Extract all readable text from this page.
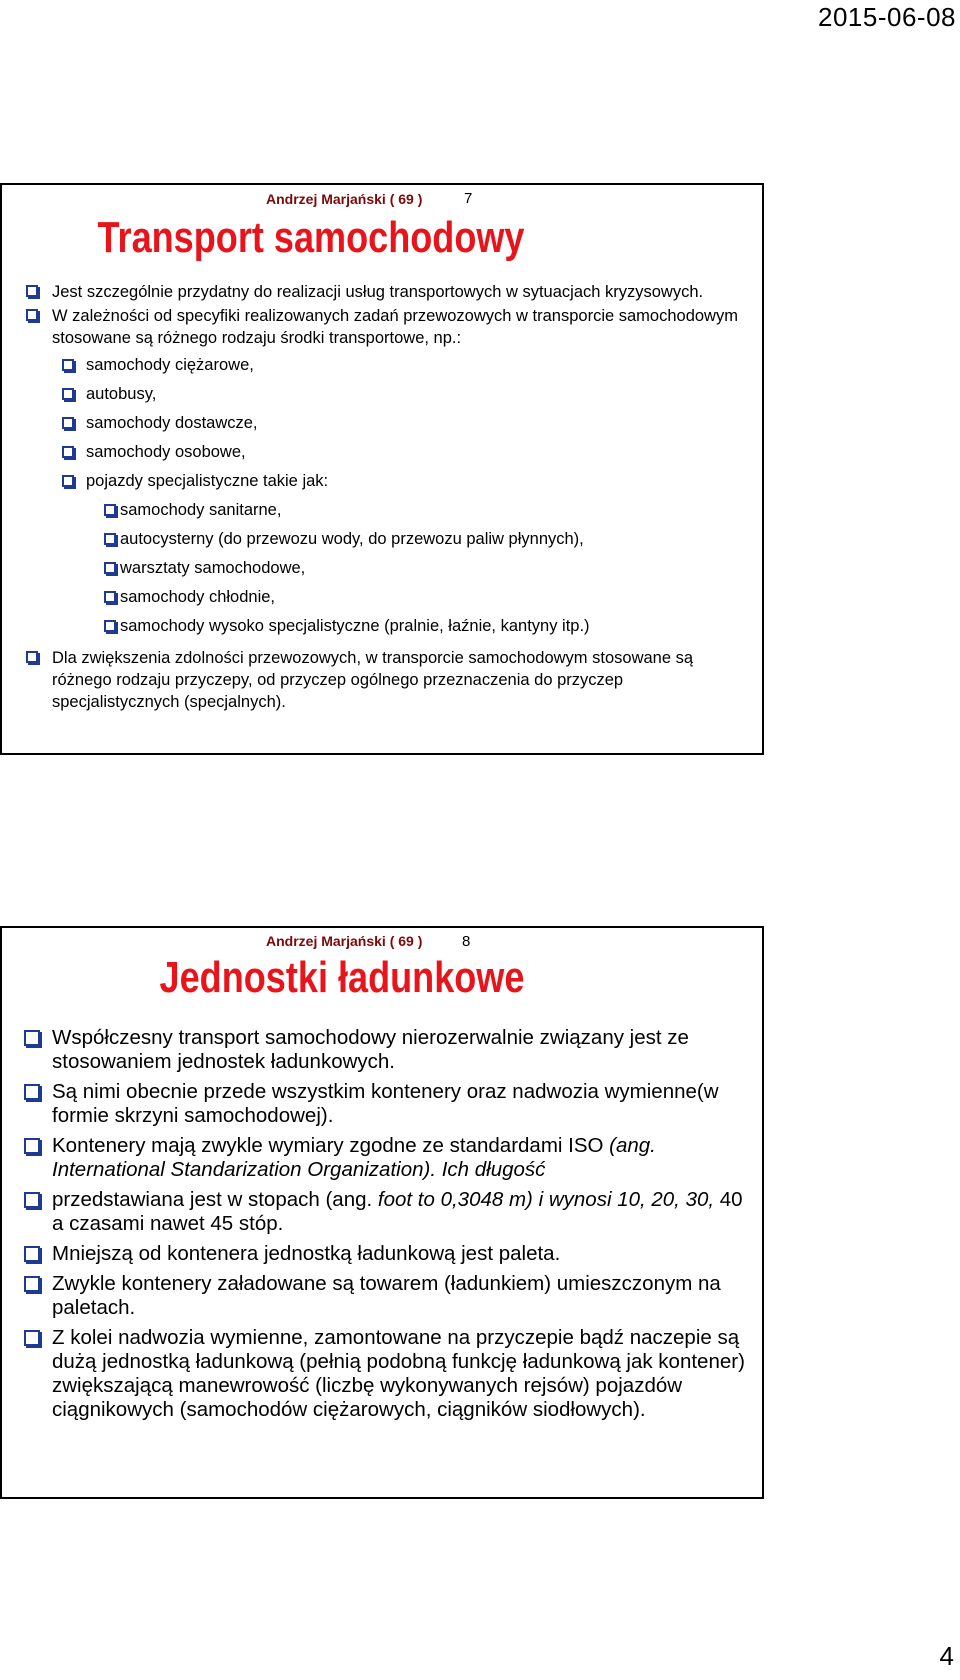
2015-06-08
Andrzej Marjański ( 69 )	7
Transport samochodowy
Jest szczególnie przydatny do realizacji usług transportowych w sytuacjach kryzysowych.
W zależności od specyfiki realizowanych zadań przewozowych w transporcie samochodowym stosowane są różnego rodzaju środki transportowe, np.:
samochody ciężarowe,
autobusy,
samochody dostawcze,
samochody osobowe,
pojazdy specjalistyczne takie jak:
samochody sanitarne,
autocysterny (do przewozu wody, do przewozu paliw płynnych),
warsztaty samochodowe,
samochody chłodnie,
samochody wysoko specjalistyczne (pralnie, łaźnie, kantyny itp.)
Dla zwiększenia zdolności przewozowych, w transporcie samochodowym stosowane są różnego rodzaju przyczepy, od przyczep ogólnego przeznaczenia do przyczep specjalistycznych (specjalnych).
Andrzej Marjański ( 69 )	8
Jednostki ładunkowe
Współczesny transport samochodowy nierozerwalnie związany jest ze stosowaniem jednostek ładunkowych.
Są nimi obecnie przede wszystkim kontenery oraz nadwozia wymienne(w formie skrzyni samochodowej).
Kontenery mają zwykle wymiary zgodne ze standardami ISO (ang. International Standarization Organization). Ich długość
przedstawiana jest w stopach (ang. foot to 0,3048 m) i wynosi 10, 20, 30, 40 a czasami nawet 45 stóp.
Mniejszą od kontenera jednostką ładunkową jest paleta.
Zwykle kontenery załadowane są towarem (ładunkiem) umieszczonym na paletach.
Z kolei nadwozia wymienne, zamontowane na przyczepie bądź naczepie są dużą jednostką ładunkową (pełnią podobną funkcję ładunkową jak kontener) zwiększającą manewrowość (liczbę wykonywanych rejsów) pojazdów ciągnikowych (samochodów ciężarowych, ciągników siodłowych).
4
